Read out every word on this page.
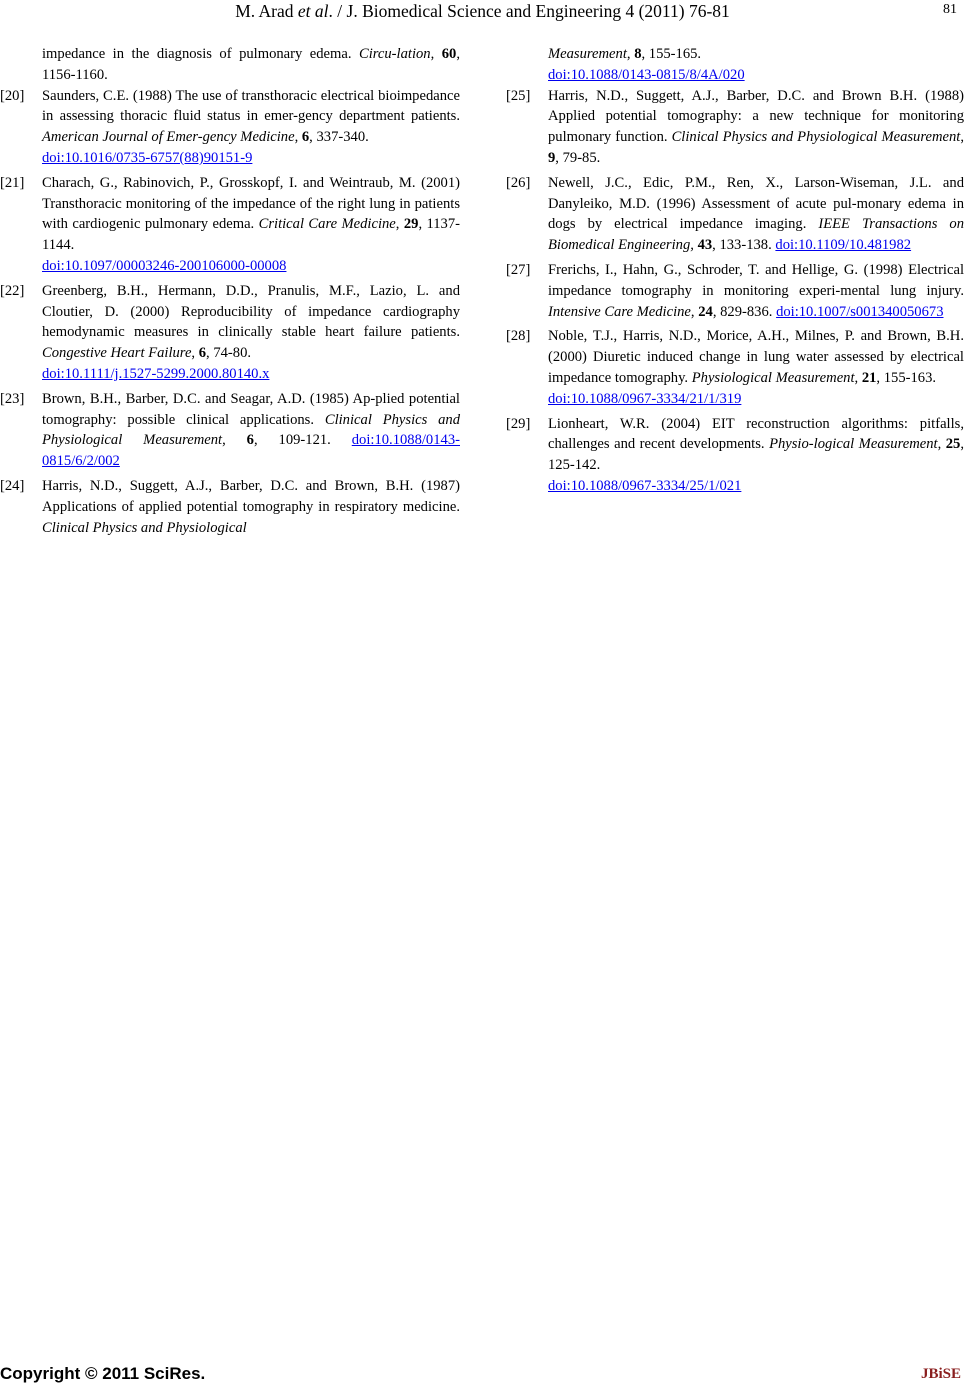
M. Arad et al. / J. Biomedical Science and Engineering 4 (2011) 76-81	81
impedance in the diagnosis of pulmonary edema. Circu-lation, 60, 1156-1160.
[20] Saunders, C.E. (1988) The use of transthoracic electrical bioimpedance in assessing thoracic fluid status in emer-gency department patients. American Journal of Emer-gency Medicine, 6, 337-340.
doi:10.1016/0735-6757(88)90151-9
[21] Charach, G., Rabinovich, P., Grosskopf, I. and Weintraub, M. (2001) Transthoracic monitoring of the impedance of the right lung in patients with cardiogenic pulmonary edema. Critical Care Medicine, 29, 1137-1144.
doi:10.1097/00003246-200106000-00008
[22] Greenberg, B.H., Hermann, D.D., Pranulis, M.F., Lazio, L. and Cloutier, D. (2000) Reproducibility of impedance cardiography hemodynamic measures in clinically stable heart failure patients. Congestive Heart Failure, 6, 74-80.
doi:10.1111/j.1527-5299.2000.80140.x
[23] Brown, B.H., Barber, D.C. and Seagar, A.D. (1985) Ap-plied potential tomography: possible clinical applications. Clinical Physics and Physiological Measurement, 6, 109-121. doi:10.1088/0143-0815/6/2/002
[24] Harris, N.D., Suggett, A.J., Barber, D.C. and Brown, B.H. (1987) Applications of applied potential tomography in respiratory medicine. Clinical Physics and Physiological
Measurement, 8, 155-165.
doi:10.1088/0143-0815/8/4A/020
[25] Harris, N.D., Suggett, A.J., Barber, D.C. and Brown B.H. (1988) Applied potential tomography: a new technique for monitoring pulmonary function. Clinical Physics and Physiological Measurement, 9, 79-85.
[26] Newell, J.C., Edic, P.M., Ren, X., Larson-Wiseman, J.L. and Danyleiko, M.D. (1996) Assessment of acute pul-monary edema in dogs by electrical impedance imaging. IEEE Transactions on Biomedical Engineering, 43, 133-138. doi:10.1109/10.481982
[27] Frerichs, I., Hahn, G., Schroder, T. and Hellige, G. (1998) Electrical impedance tomography in monitoring experi-mental lung injury. Intensive Care Medicine, 24, 829-836. doi:10.1007/s001340050673
[28] Noble, T.J., Harris, N.D., Morice, A.H., Milnes, P. and Brown, B.H. (2000) Diuretic induced change in lung water assessed by electrical impedance tomography. Physiological Measurement, 21, 155-163.
doi:10.1088/0967-3334/21/1/319
[29] Lionheart, W.R. (2004) EIT reconstruction algorithms: pitfalls, challenges and recent developments. Physio-logical Measurement, 25, 125-142.
doi:10.1088/0967-3334/25/1/021
Copyright © 2011 SciRes.	JBiSE
